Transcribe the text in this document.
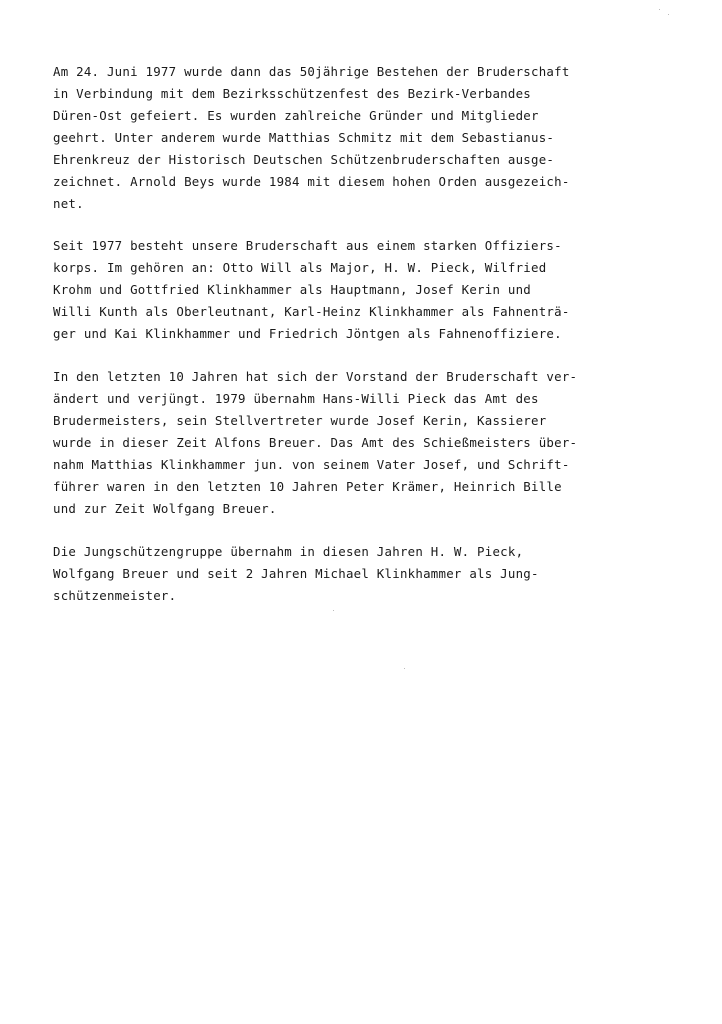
Am 24. Juni 1977 wurde dann das 50jährige Bestehen der Bruderschaft
in Verbindung mit dem Bezirksschützenfest des Bezirk-Verbandes
Düren-Ost gefeiert. Es wurden zahlreiche Gründer und Mitglieder
geehrt. Unter anderem wurde Matthias Schmitz mit dem Sebastianus-
Ehrenkreuz der Historisch Deutschen Schützenbruderschaften ausge-
zeichnet. Arnold Beys wurde 1984 mit diesem hohen Orden ausgezeich-
net.
Seit 1977 besteht unsere Bruderschaft aus einem starken Offiziers-
korps. Im gehören an: Otto Will als Major, H. W. Pieck, Wilfried
Krohm und Gottfried Klinkhammer als Hauptmann, Josef Kerin und
Willi Kunth als Oberleutnant, Karl-Heinz Klinkhammer als Fahnenträ-
ger und Kai Klinkhammer und Friedrich Jöntgen als Fahnenoffiziere.
In den letzten 10 Jahren hat sich der Vorstand der Bruderschaft ver-
ändert und verjüngt. 1979 übernahm Hans-Willi Pieck das Amt des
Brudermeisters, sein Stellvertreter wurde Josef Kerin, Kassierer
wurde in dieser Zeit Alfons Breuer. Das Amt des Schießmeisters über-
nahm Matthias Klinkhammer jun. von seinem Vater Josef, und Schrift-
führer waren in den letzten 10 Jahren Peter Krämer, Heinrich Bille
und zur Zeit Wolfgang Breuer.
Die Jungschützengruppe übernahm in diesen Jahren H. W. Pieck,
Wolfgang Breuer und seit 2 Jahren Michael Klinkhammer als Jung-
schützenmeister.
